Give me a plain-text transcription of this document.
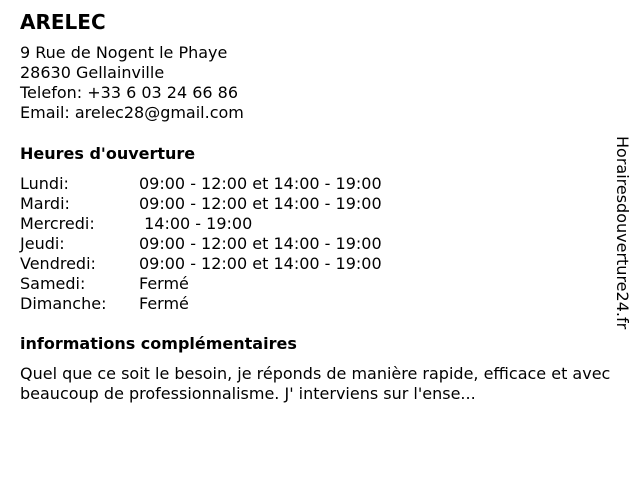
ARELEC
9 Rue de Nogent le Phaye
28630 Gellainville
Telefon: +33 6 03 24 66 86
Email: arelec28@gmail.com
Heures d'ouverture
Lundi:	09:00 - 12:00 et 14:00 - 19:00
Mardi:	09:00 - 12:00 et 14:00 - 19:00
Mercredi:	14:00 - 19:00
Jeudi:	09:00 - 12:00 et 14:00 - 19:00
Vendredi:	09:00 - 12:00 et 14:00 - 19:00
Samedi:	Fermé
Dimanche:	Fermé
informations complémentaires

Quel que ce soit le besoin, je réponds de manière rapide, efficace et avec beaucoup de professionnalisme. J' interviens sur l'ense...

Horairesdouverture24.fr
